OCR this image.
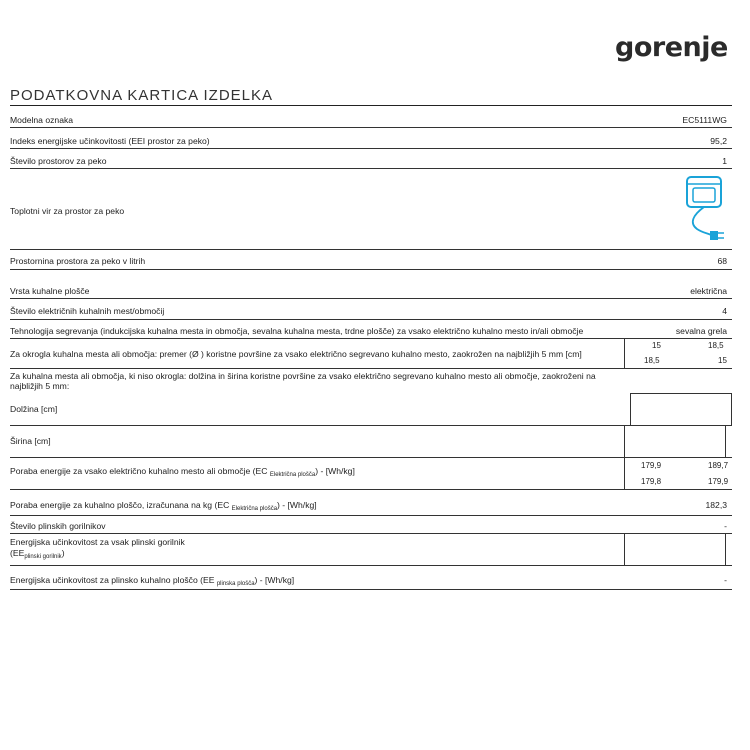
gorenje
PODATKOVNA KARTICA IZDELKA
Modelna oznaka	EC5111WG
Indeks energijske učinkovitosti (EEI prostor za peko)	95,2
Število prostorov za peko	1
Toplotni vir za prostor za peko
Prostornina prostora za peko v litrih	68
Vrsta kuhalne plošče	električna
Število električnih kuhalnih mest/območij	4
Tehnologija segrevanja (indukcijska kuhalna mesta in območja, sevalna kuhalna mesta, trdne plošče) za vsako električno kuhalno mesto in/ali območje	sevalna grela
Za okrogla kuhalna mesta ali območja: premer (Ø ) koristne površine za vsako električno segrevano kuhalno mesto, zaokrožen na najbližjih 5 mm [cm]
15	18,5
18,5	15
Za kuhalna mesta ali območja, ki niso okrogla: dolžina in širina koristne površine za vsako električno segrevano kuhalno mesto ali območje, zaokroženi na
najbližjih 5 mm:
Dolžina [cm]
Širina [cm]
Poraba energije za vsako električno kuhalno mesto ali območje (EC $_{Električna plošča}$) - [Wh/kg]
179,9	189,7
179,8	179,9
Poraba energije za kuhalno ploščo, izračunana na kg (EC $_{Električna plošča}$) - [Wh/kg]	182,3
Število plinskih gorilnikov	-
Energijska učinkovitost za vsak plinski gorilnik
$(EE_{plinski gorilnik})$
Energijska učinkovitost za plinsko kuhalno ploščo (EE $_{plinska plošča}$) - [Wh/kg]	-
